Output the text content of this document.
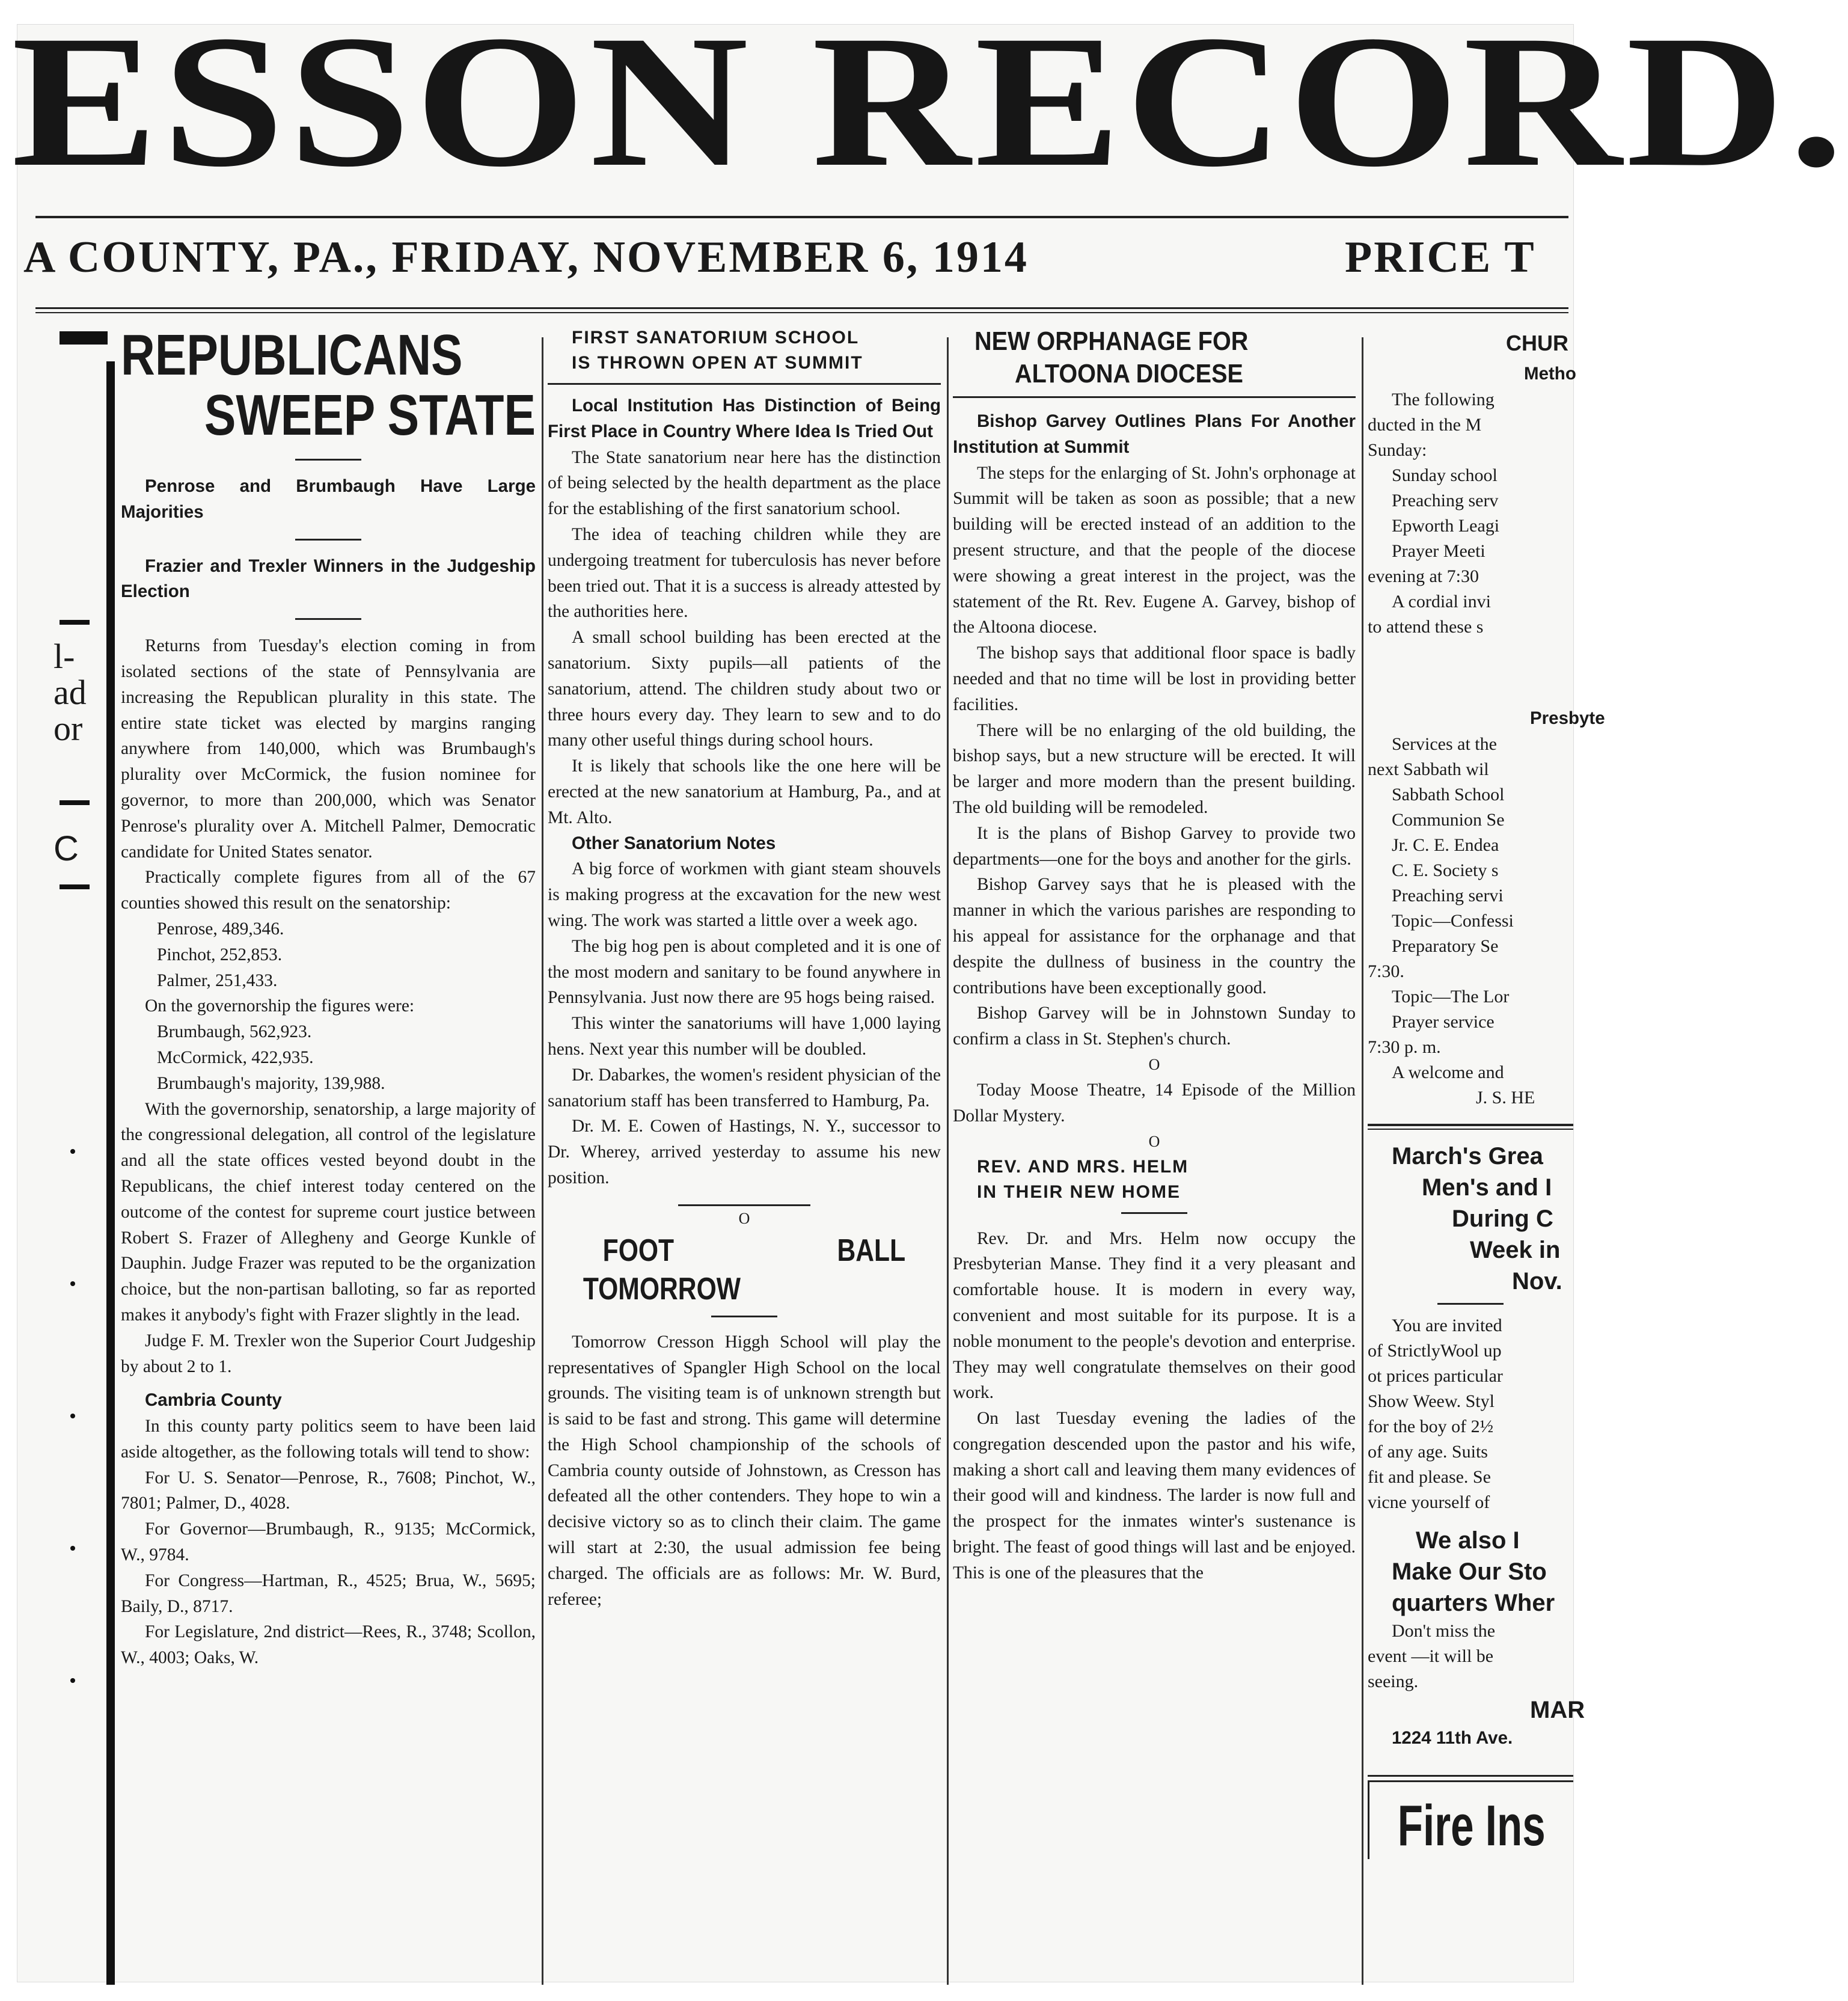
ESSON RECORD.
A COUNTY, PA., FRIDAY, NOVEMBER 6, 1914	PRICE T
l-
ad
or
C
REPUBLICANS
SWEEP STATE

Penrose and Brumbaugh Have Large Majorities

Frazier and Trexler Winners in the Judgeship Election

Returns from Tuesday's election coming in from isolated sections of the state of Pennsylvania are increasing the Republican plurality in this state. The entire state ticket was elected by margins ranging anywhere from 140,000, which was Brumbaugh's plurality over McCormick, the fusion nominee for governor, to more than 200,000, which was Senator Penrose's plurality over A. Mitchell Palmer, Democratic candidate for United States senator.

Practically complete figures from all of the 67 counties showed this result on the senatorship:

Penrose, 489,346.

Pinchot, 252,853.

Palmer, 251,433.

On the governorship the figures were:

Brumbaugh, 562,923.

McCormick, 422,935.

Brumbaugh's majority, 139,988.

With the governorship, senatorship, a large majority of the congressional delegation, all control of the legislature and all the state offices vested beyond doubt in the Republicans, the chief interest today centered on the outcome of the contest for supreme court justice between Robert S. Frazer of Allegheny and George Kunkle of Dauphin. Judge Frazer was reputed to be the organization choice, but the non-partisan balloting, so far as reported makes it anybody's fight with Frazer slightly in the lead.

Judge F. M. Trexler won the Superior Court Judgeship by about 2 to 1.

Cambria County

In this county party politics seem to have been laid aside altogether, as the following totals will tend to show:

For U. S. Senator—Penrose, R., 7608; Pinchot, W., 7801; Palmer, D., 4028.

For Governor—Brumbaugh, R., 9135; McCormick, W., 9784.

For Congress—Hartman, R., 4525; Brua, W., 5695; Baily, D., 8717.

For Legislature, 2nd district—Rees, R., 3748; Scollon, W., 4003; Oaks, W.

FIRST SANATORIUM SCHOOL

IS THROWN OPEN AT SUMMIT

Local Institution Has Distinction of Being First Place in Country Where Idea Is Tried Out

The State sanatorium near here has the distinction of being selected by the health department as the place for the establishing of the first sanatorium school.

The idea of teaching children while they are undergoing treatment for tuberculosis has never before been tried out. That it is a success is already attested by the authorities here.

A small school building has been erected at the sanatorium. Sixty pupils—all patients of the sanatorium, attend. The children study about two or three hours every day. They learn to sew and to do many other useful things during school hours.

It is likely that schools like the one here will be erected at the new sanatorium at Hamburg, Pa., and at Mt. Alto.

Other Sanatorium Notes

A big force of workmen with giant steam shouvels is making progress at the excavation for the new west wing. The work was started a little over a week ago.

The big hog pen is about completed and it is one of the most modern and sanitary to be found anywhere in Pennsylvania. Just now there are 95 hogs being raised.

This winter the sanatoriums will have 1,000 laying hens. Next year this number will be doubled.

Dr. Dabarkes, the women's resident physician of the sanatorium staff has been transferred to Hamburg, Pa.

Dr. M. E. Cowen of Hastings, N. Y., successor to Dr. Wherey, arrived yesterday to assume his new position.

O

FOOT BALL TOMORROW

Tomorrow Cresson Higgh School will play the representatives of Spangler High School on the local grounds. The visiting team is of unknown strength but is said to be fast and strong. This game will determine the High School championship of the schools of Cambria county outside of Johnstown, as Cresson has defeated all the other contenders. They hope to win a decisive victory so as to clinch their claim. The game will start at 2:30, the usual admission fee being charged. The officials are as follows: Mr. W. Burd, referee;

NEW ORPHANAGE FOR

ALTOONA DIOCESE

Bishop Garvey Outlines Plans For Another Institution at Summit

The steps for the enlarging of St. John's orphonage at Summit will be taken as soon as possible; that a new building will be erected instead of an addition to the present structure, and that the people of the diocese were showing a great interest in the project, was the statement of the Rt. Rev. Eugene A. Garvey, bishop of the Altoona diocese.

The bishop says that additional floor space is badly needed and that no time will be lost in providing better facilities.

There will be no enlarging of the old building, the bishop says, but a new structure will be erected. It will be larger and more modern than the present building. The old building will be remodeled.

It is the plans of Bishop Garvey to provide two departments—one for the boys and another for the girls.

Bishop Garvey says that he is pleased with the manner in which the various parishes are responding to his appeal for assistance for the orphanage and that despite the dullness of business in the country the contributions have been exceptionally good.

Bishop Garvey will be in Johnstown Sunday to confirm a class in St. Stephen's church.

O

Today Moose Theatre, 14 Episode of the Million Dollar Mystery.

O

REV. AND MRS. HELM

IN THEIR NEW HOME

Rev. Dr. and Mrs. Helm now occupy the Presbyterian Manse. They find it a very pleasant and comfortable house. It is modern in every way, convenient and most suitable for its purpose. It is a noble monument to the people's devotion and enterprise. They may well congratulate themselves on their good work.

On last Tuesday evening the ladies of the congregation descended upon the pastor and his wife, making a short call and leaving them many evidences of their good will and kindness. The larder is now full and the prospect for the inmates winter's sustenance is bright. The feast of good things will last and be enjoyed. This is one of the pleasures that the

CHUR

Metho

The following
ducted in the M
Sunday:
Sunday school
Preaching serv
Epworth Leagi
Prayer Meeti
evening at 7:30
A cordial invi
to attend these s

Presbyte

Services at the
next Sabbath wil
Sabbath School
Communion Se
Jr. C. E. Endea
C. E. Society s
Preaching servi
Topic—Confessi
Preparatory Se
7:30.
Topic—The Lor
Prayer service
7:30 p. m.
A welcome and
J. S. HE

March's Grea

Men's and I

During C

Week in

Nov.

You are invited
of StrictlyWool up
ot prices particular
Show Weew. Styl
for the boy of 2½
of any age. Suits
fit and please. Se
vicne yourself of

We also I

Make Our Sto

quarters Wher

Don't miss the
event —it will be
seeing.

MAR

1224 11th Ave.

Fire Ins
